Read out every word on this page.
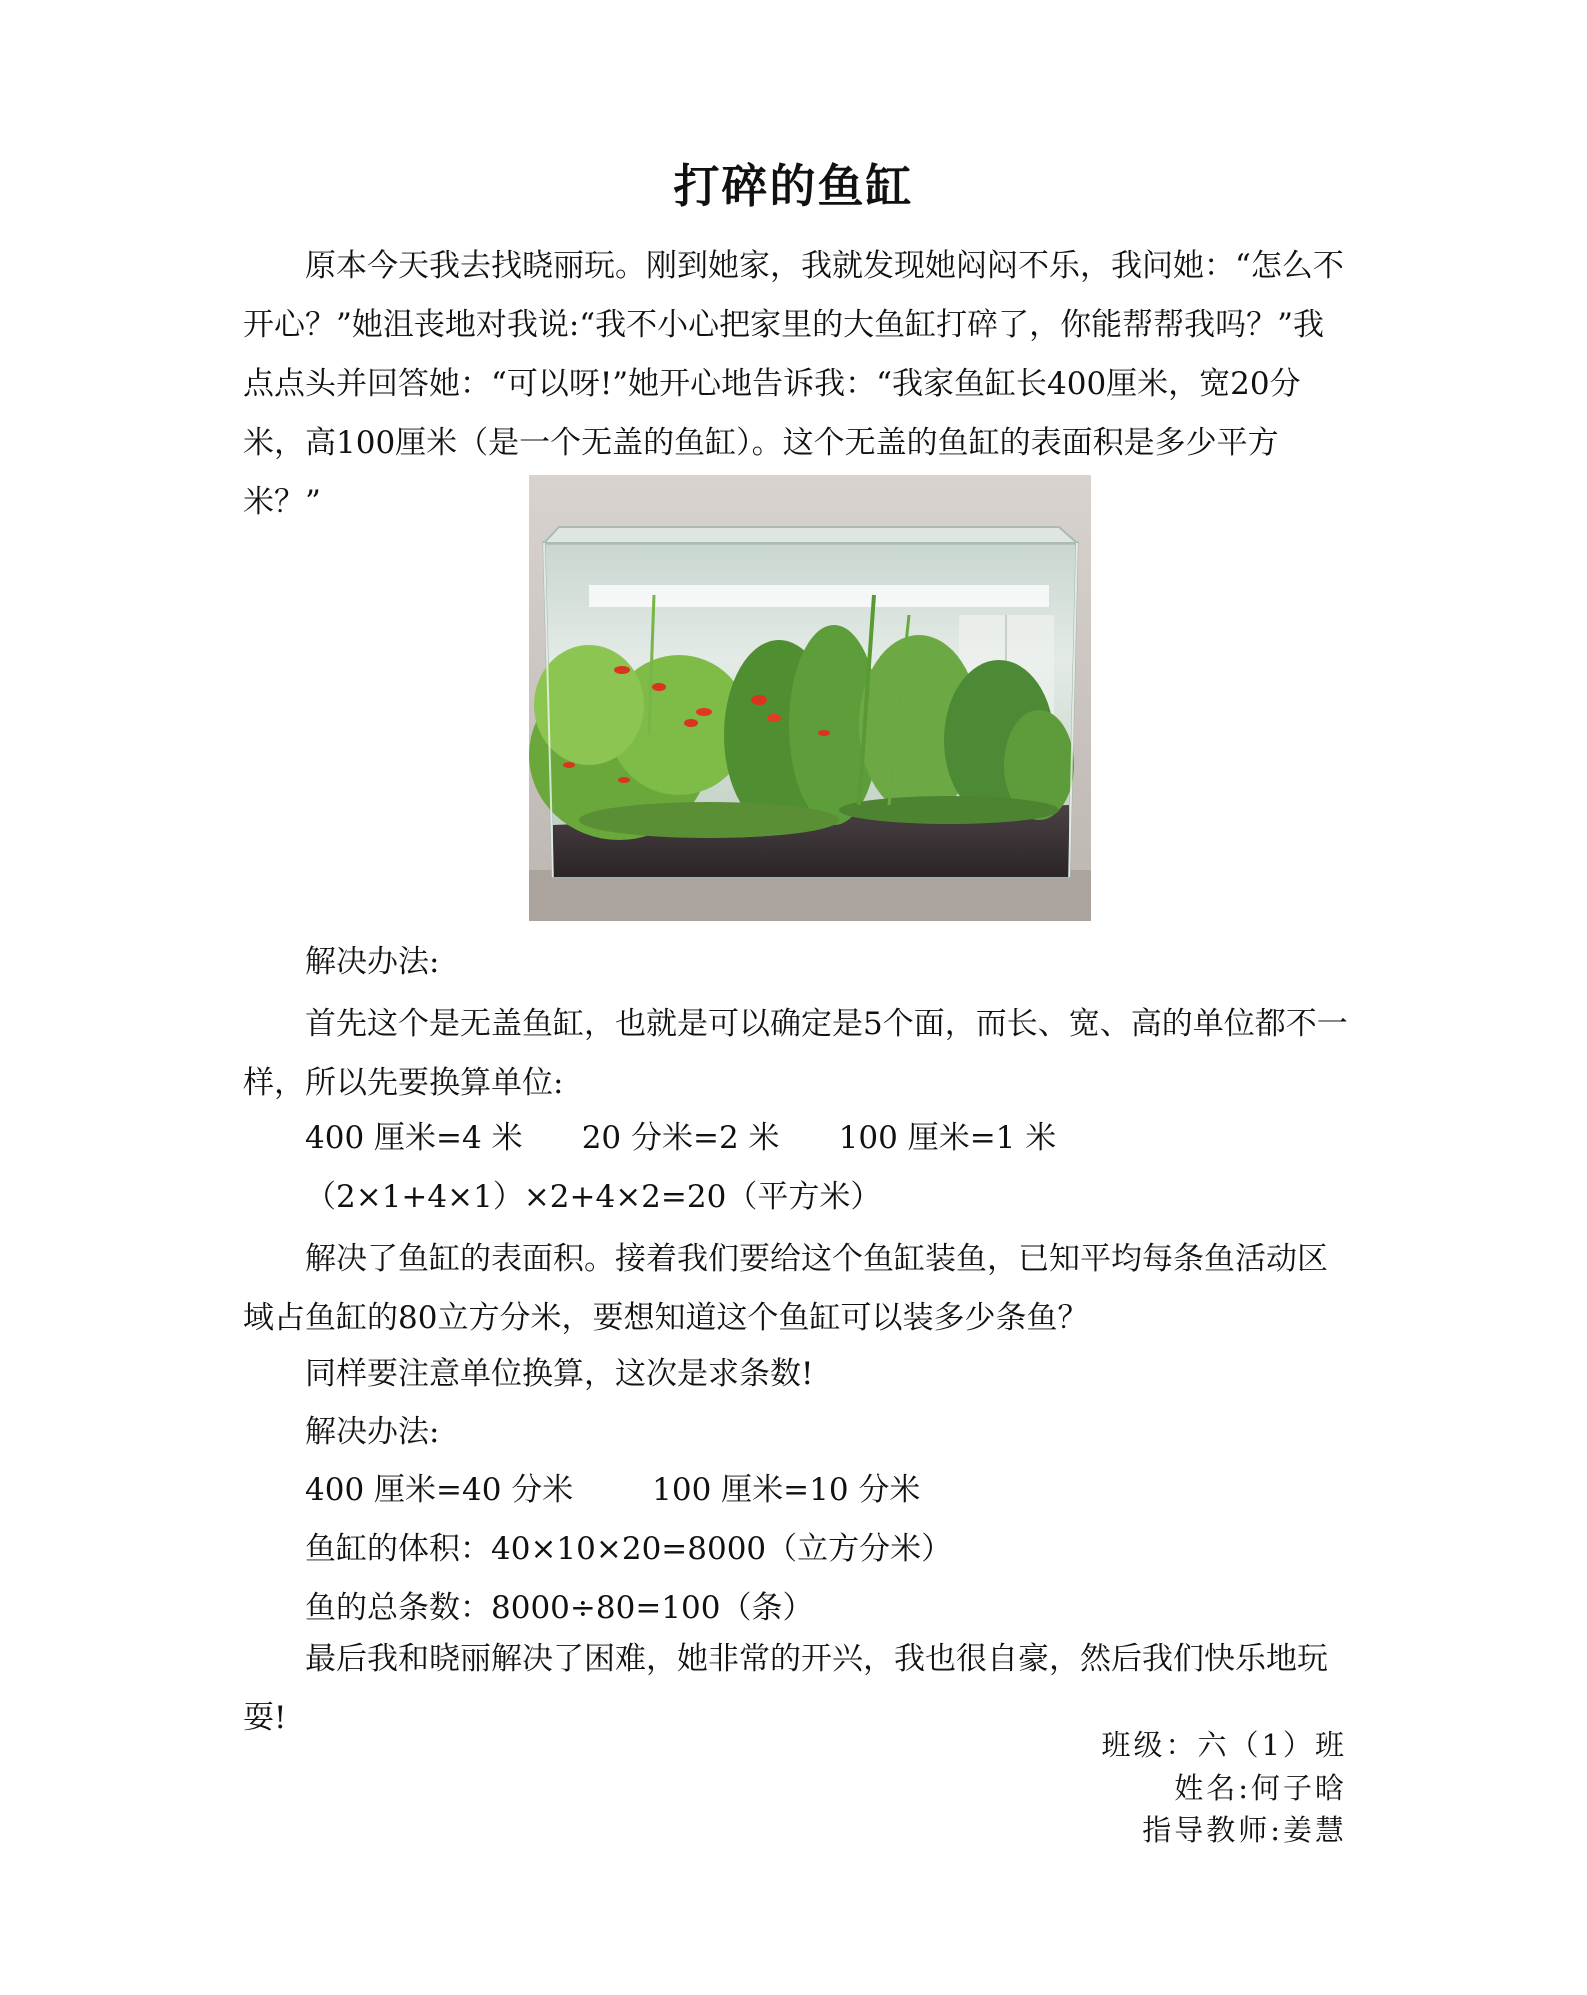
打碎的鱼缸

原本今天我去找晓丽玩。刚到她家，我就发现她闷闷不乐，我问她：“怎么不开心？”她沮丧地对我说:“我不小心把家里的大鱼缸打碎了，你能帮帮我吗？”我点点头并回答她：“可以呀!”她开心地告诉我：“我家鱼缸长400厘米，宽20分米，高100厘米（是一个无盖的鱼缸）。这个无盖的鱼缸的表面积是多少平方米？”

解决办法:

首先这个是无盖鱼缸，也就是可以确定是5个面，而长、宽、高的单位都不一样，所以先要换算单位:

400 厘米=4 米      20 分米=2 米      100 厘米=1 米
（2×1+4×1）×2+4×2=20（平方米）

解决了鱼缸的表面积。接着我们要给这个鱼缸装鱼，已知平均每条鱼活动区域占鱼缸的80立方分米，要想知道这个鱼缸可以装多少条鱼？

同样要注意单位换算，这次是求条数!
解决办法:
400 厘米=40 分米        100 厘米=10 分米
鱼缸的体积：40×10×20=8000（立方分米）
鱼的总条数：8000÷80=100（条）

最后我和晓丽解决了困难，她非常的开兴，我也很自豪，然后我们快乐地玩耍!

班级：六（1）班
姓名:何子晗
指导教师:姜慧
